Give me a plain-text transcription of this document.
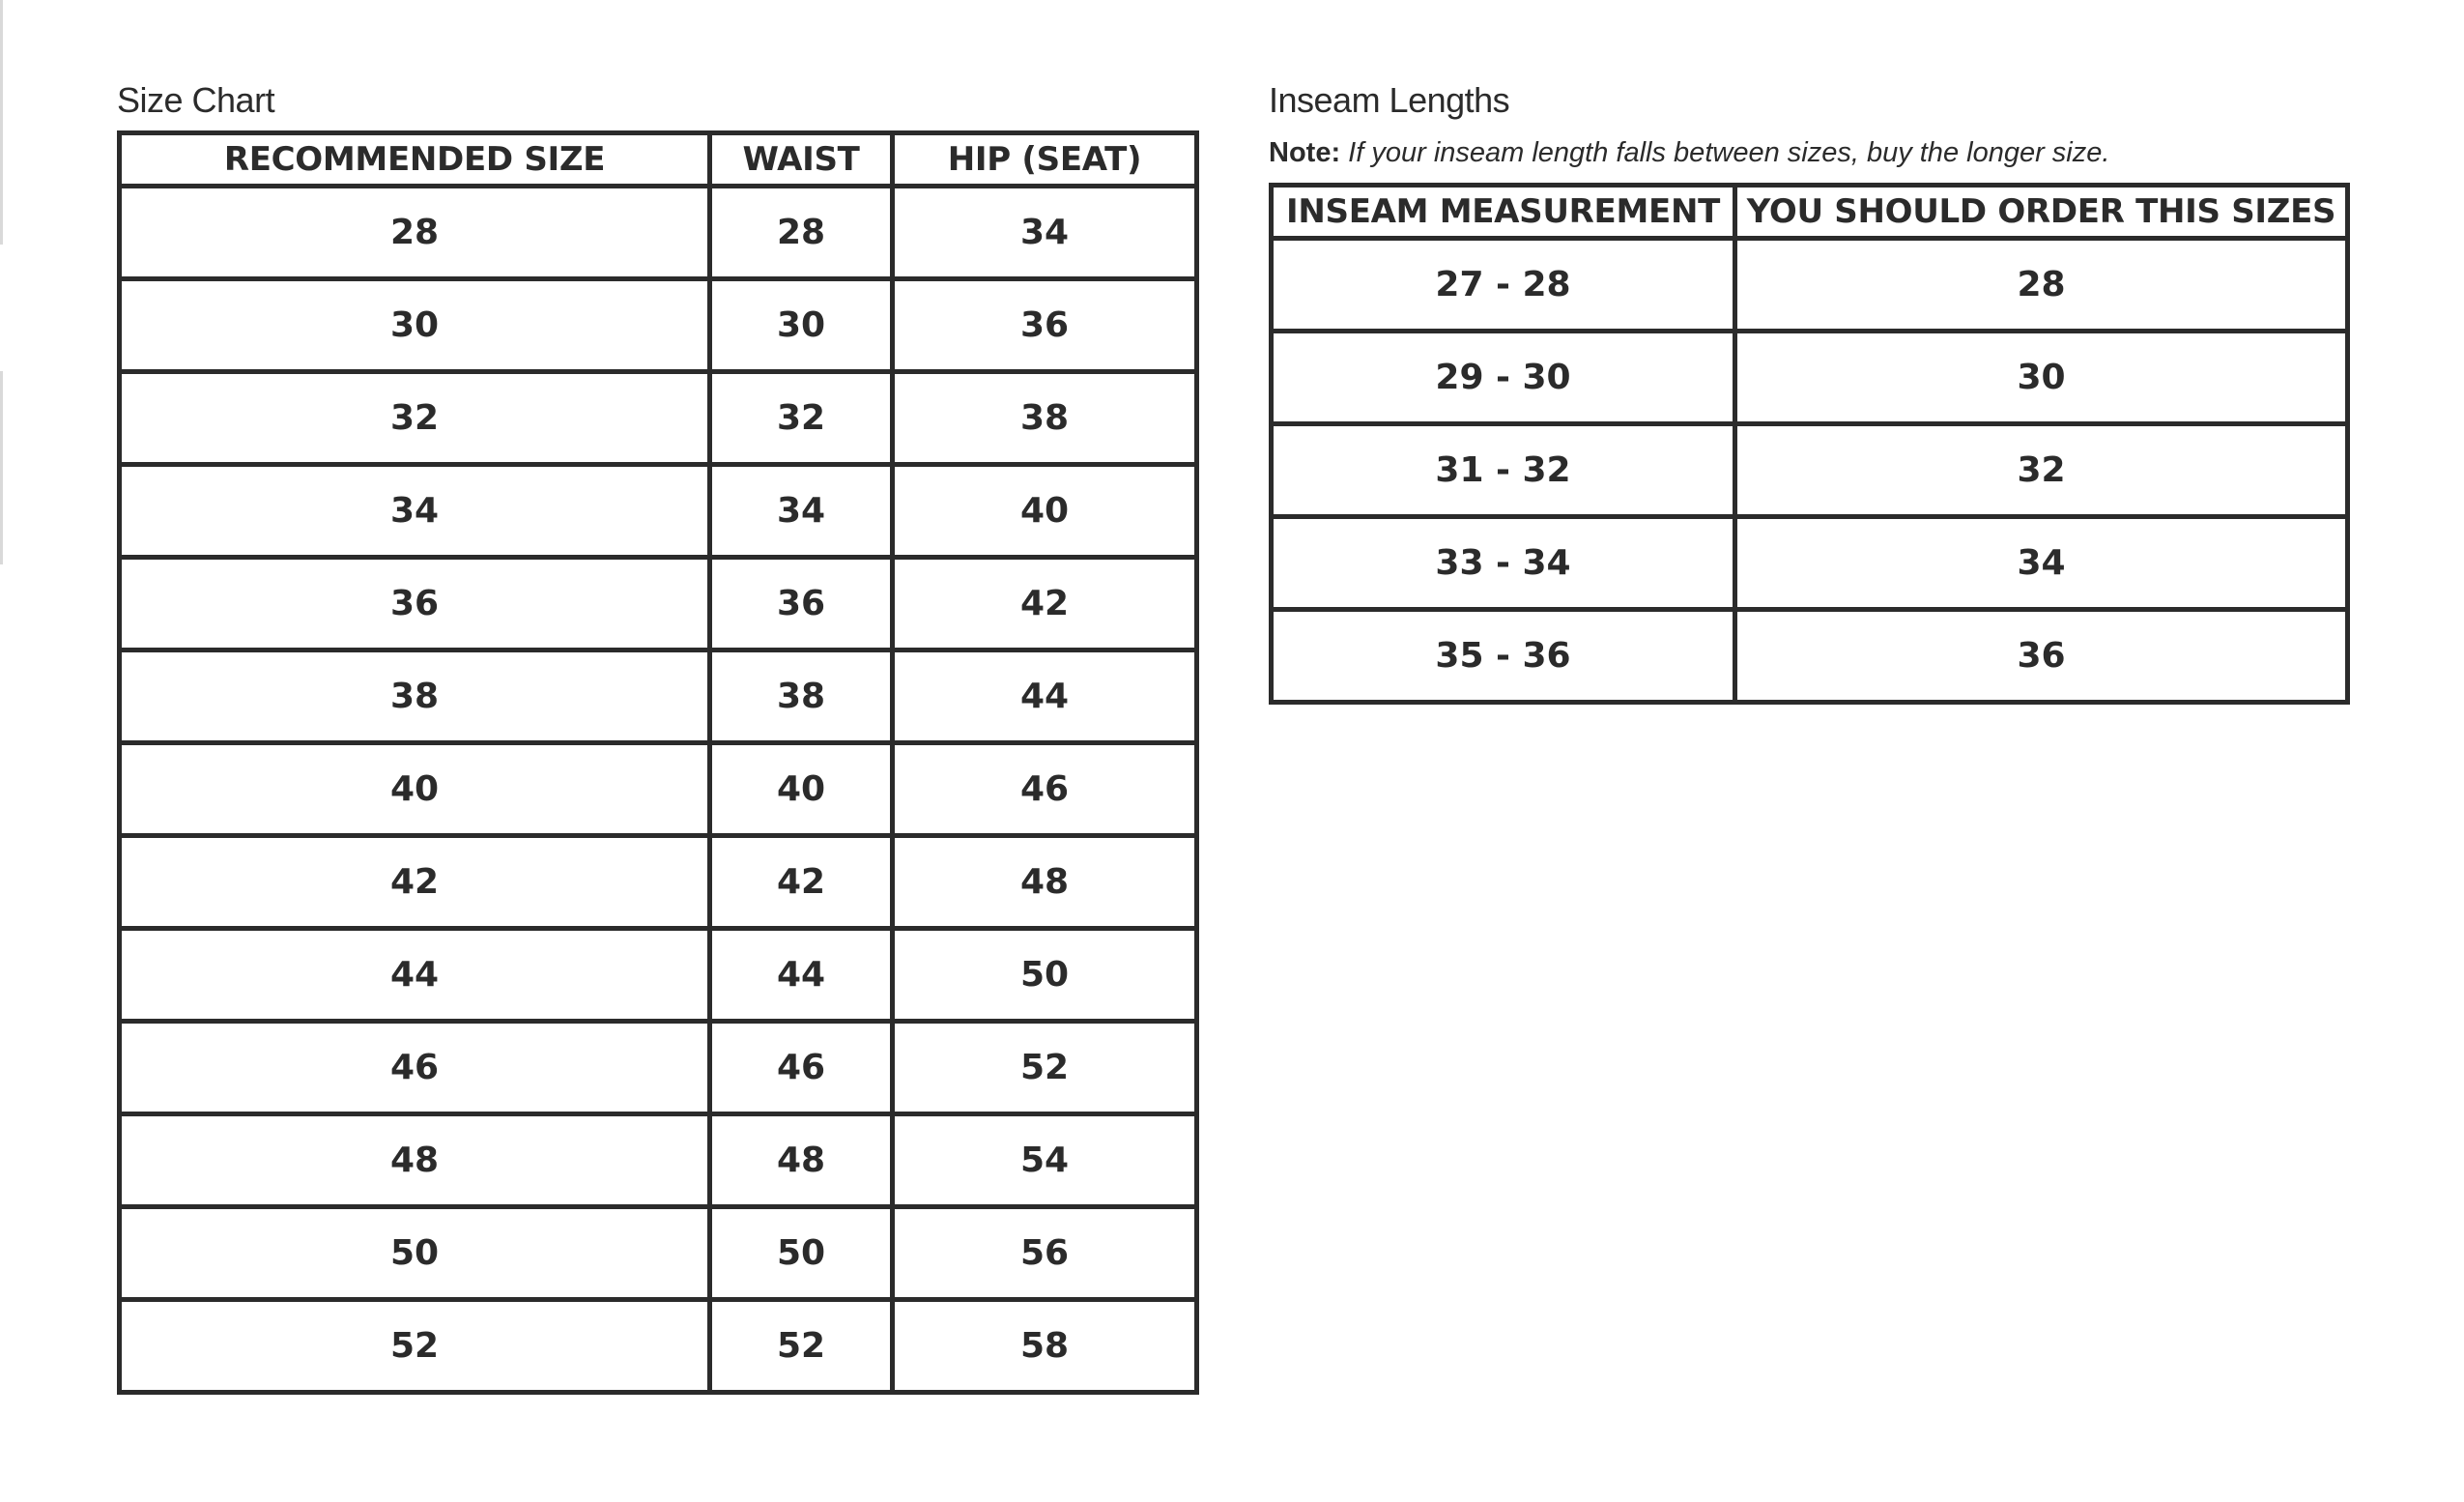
Size Chart
RECOMMENDED SIZE	WAIST	HIP (SEAT)
28	28	34
30	30	36
32	32	38
34	34	40
36	36	42
38	38	44
40	40	46
42	42	48
44	44	50
46	46	52
48	48	54
50	50	56
52	52	58
Inseam Lengths

Note: If your inseam length falls between sizes, buy the longer size.

INSEAM MEASUREMENT	YOU SHOULD ORDER THIS SIZES
27 - 28	28
29 - 30	30
31 - 32	32
33 - 34	34
35 - 36	36
